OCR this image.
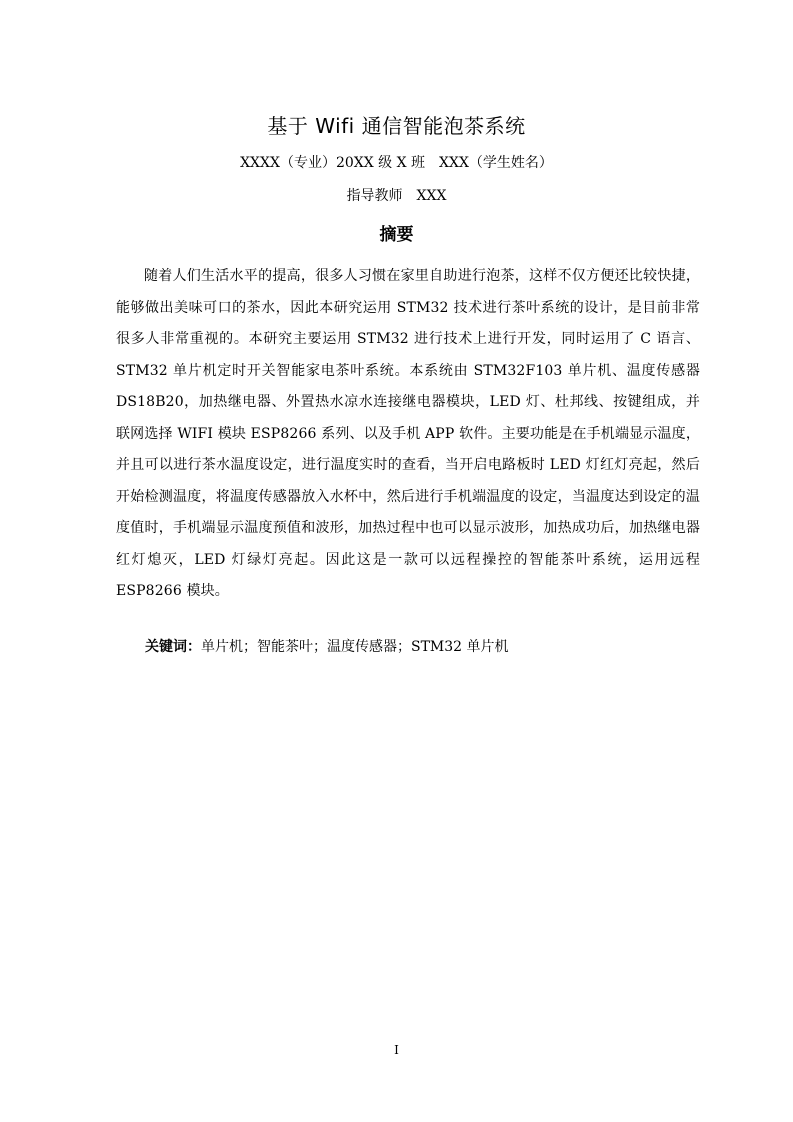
基于 Wifi 通信智能泡茶系统
XXXX（专业）20XX 级 X 班　XXX（学生姓名）
指导教师　XXX
摘要

随着人们生活水平的提高，很多人习惯在家里自助进行泡茶，这样不仅方便还比较快捷，能够做出美味可口的茶水，因此本研究运用 STM32 技术进行茶叶系统的设计，是目前非常很多人非常重视的。本研究主要运用 STM32 进行技术上进行开发，同时运用了 C 语言、STM32 单片机定时开关智能家电茶叶系统。本系统由 STM32F103 单片机、温度传感器 DS18B20，加热继电器、外置热水凉水连接继电器模块，LED 灯、杜邦线、按键组成，并联网选择 WIFI 模块 ESP8266 系列、以及手机 APP 软件。主要功能是在手机端显示温度，并且可以进行茶水温度设定，进行温度实时的查看，当开启电路板时 LED 灯红灯亮起，然后开始检测温度，将温度传感器放入水杯中，然后进行手机端温度的设定，当温度达到设定的温度值时，手机端显示温度预值和波形，加热过程中也可以显示波形，加热成功后，加热继电器红灯熄灭，LED 灯绿灯亮起。因此这是一款可以远程操控的智能茶叶系统，运用远程 ESP8266 模块。

关键词：单片机；智能茶叶；温度传感器；STM32 单片机
I
